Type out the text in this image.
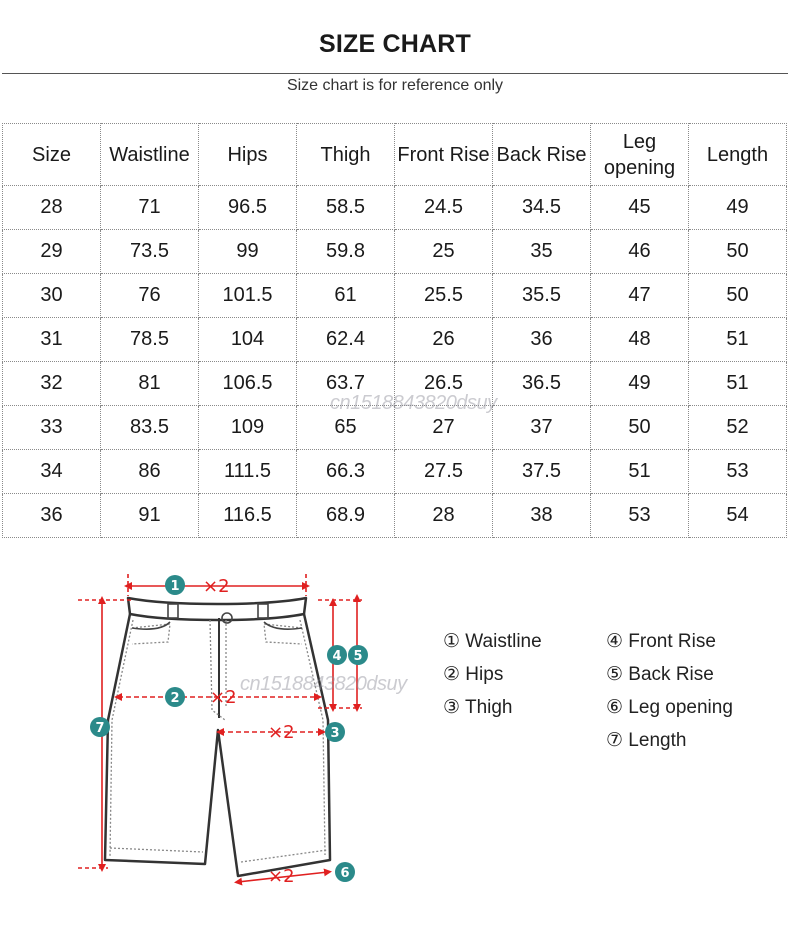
SIZE CHART
Size chart is for reference only
Size	Waistline	Hips	Thigh	Front Rise	Back Rise	Leg opening	Length
28	71	96.5	58.5	24.5	34.5	45	49
29	73.5	99	59.8	25	35	46	50
30	76	101.5	61	25.5	35.5	47	50
31	78.5	104	62.4	26	36	48	51
32	81	106.5	63.7	26.5	36.5	49	51
33	83.5	109	65	27	37	50	52
34	86	111.5	66.3	27.5	37.5	51	53
36	91	116.5	68.9	28	38	53	54
cn1518843820dsuy
×2
×2
×2
×2
1
2
3
4 5
6
7
cn1518843820dsuy
① Waistline
② Hips
③ Thigh
④ Front Rise
⑤ Back Rise
⑥ Leg opening
⑦ Length
